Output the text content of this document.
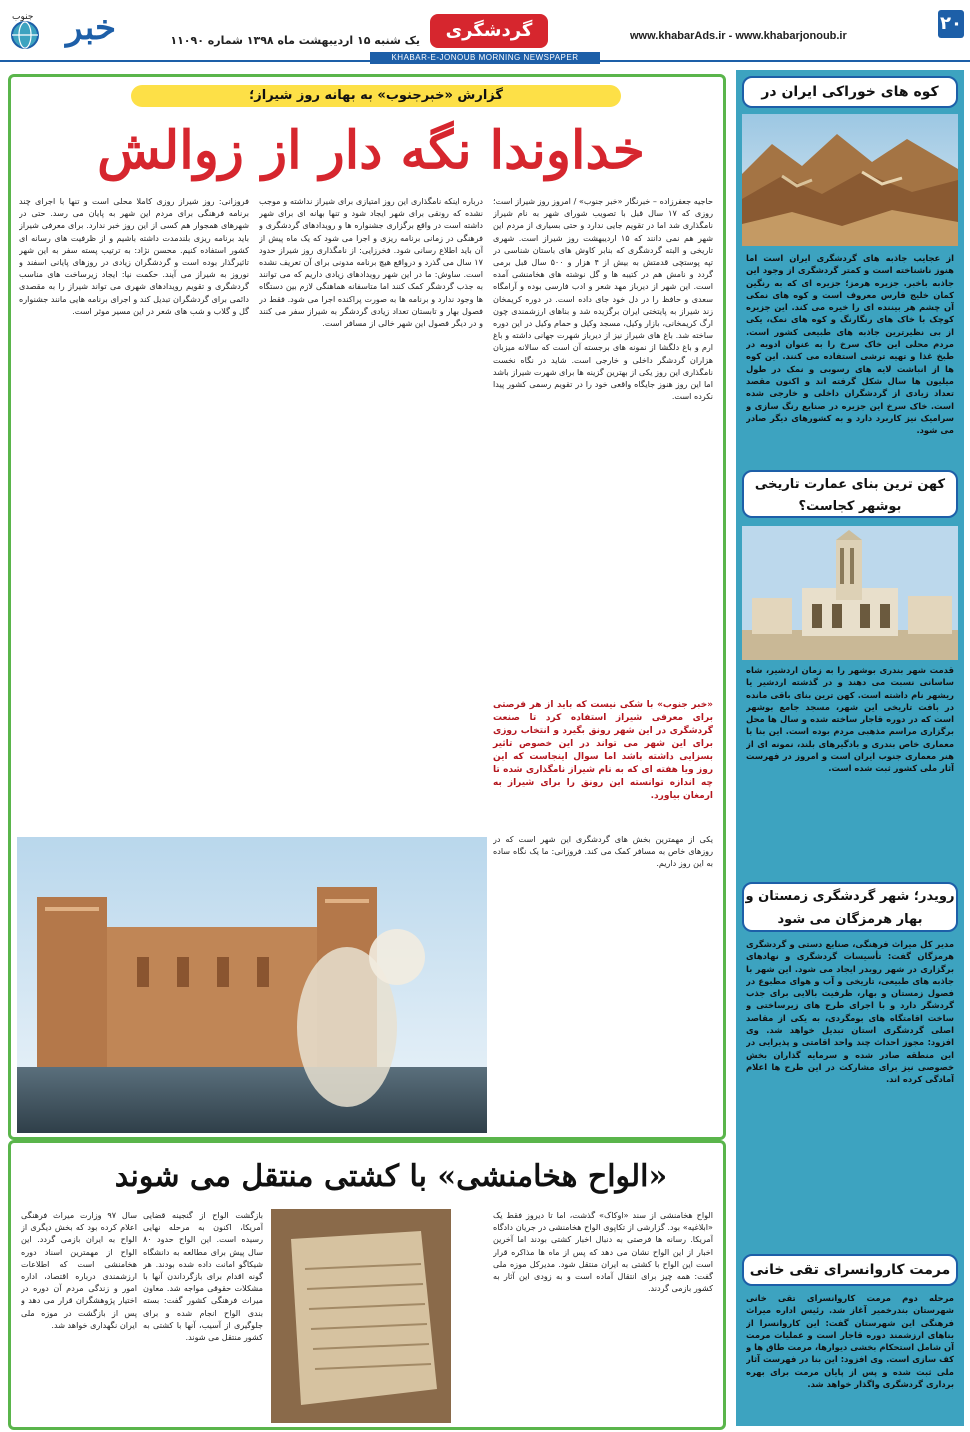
۲۰
www.khabarAds.ir - www.khabarjonoub.ir
گردشگری
یک شنبه ۱۵ اردیبهشت ماه ۱۳۹۸ شماره ۱۱۰۹۰
خبر
جنوب
KHABAR-E-JONOUB MORNING NEWSPAPER
کوه های خوراکی ایران در
از عجایب جاذبه های گردشگری ایران است اما هنوز ناشناخته است و کمتر گردشگری از وجود این جاذبه باخبر. جزیره هرمز؛ جزیره ای که به رنگین کمان خلیج فارس معروف است و کوه های نمکی آن چشم هر بیننده ای را خیره می کند. این جزیره کوچک با خاک های رنگارنگ و کوه های نمک، یکی از بی نظیرترین جاذبه های طبیعی کشور است. مردم محلی این خاک سرخ را به عنوان ادویه در طبخ غذا و تهیه ترشی استفاده می کنند. این کوه ها از انباشت لایه های رسوبی و نمک در طول میلیون ها سال شکل گرفته اند و اکنون مقصد تعداد زیادی از گردشگران داخلی و خارجی شده است. خاک سرخ این جزیره در صنایع رنگ سازی و سرامیک نیز کاربرد دارد و به کشورهای دیگر صادر می شود.
کهن ترین بنای عمارت تاریخی بوشهر کجاست؟
قدمت شهر بندری بوشهر را به زمان اردشیر، شاه ساسانی نسبت می دهند و در گذشته اردشیر یا ریشهر نام داشته است. کهن ترین بنای باقی مانده در بافت تاریخی این شهر، مسجد جامع بوشهر است که در دوره قاجار ساخته شده و سال ها محل برگزاری مراسم مذهبی مردم بوده است. این بنا با معماری خاص بندری و بادگیرهای بلند، نمونه ای از هنر معماری جنوب ایران است و امروز در فهرست آثار ملی کشور ثبت شده است.
رویدر؛ شهر گردشگری زمستان و بهار هرمزگان می شود
مدیر کل میراث فرهنگی، صنایع دستی و گردشگری هرمزگان گفت: تأسیسات گردشگری و نهادهای برگزاری در شهر رویدر ایجاد می شود. این شهر با جاذبه های طبیعی، تاریخی و آب و هوای مطبوع در فصول زمستان و بهار، ظرفیت بالایی برای جذب گردشگر دارد و با اجرای طرح های زیرساختی و ساخت اقامتگاه های بومگردی، به یکی از مقاصد اصلی گردشگری استان تبدیل خواهد شد. وی افزود: مجوز احداث چند واحد اقامتی و پذیرایی در این منطقه صادر شده و سرمایه گذاران بخش خصوصی نیز برای مشارکت در این طرح ها اعلام آمادگی کرده اند.
مرمت کاروانسرای تقی خانی
مرحله دوم مرمت کاروانسرای تقی خانی شهرستان بندرخمیر آغاز شد. رئیس اداره میراث فرهنگی این شهرستان گفت: این کاروانسرا از بناهای ارزشمند دوره قاجار است و عملیات مرمت آن شامل استحکام بخشی دیوارها، مرمت طاق ها و کف سازی است. وی افزود: این بنا در فهرست آثار ملی ثبت شده و پس از پایان مرمت برای بهره برداری گردشگری واگذار خواهد شد.
گزارش «خبرجنوب» به بهانه روز شیراز؛
خداوندا نگه دار از زوالش
حاجیه جعفرزاده – خبرنگار «خبر جنوب» / امروز روز شیراز است؛ روزی که ۱۷ سال قبل با تصویب شورای شهر به نام شیراز نامگذاری شد اما در تقویم جایی ندارد و حتی بسیاری از مردم این شهر هم نمی دانند که ۱۵ اردیبهشت روز شیراز است. شهری تاریخی و البته گردشگری که بنابر کاوش های باستان شناسی در تپه پوستچی قدمتش به بیش از ۴ هزار و ۵۰۰ سال قبل برمی گردد و نامش هم در کتیبه ها و گل نوشته های هخامنشی آمده است. این شهر از دیرباز مهد شعر و ادب فارسی بوده و آرامگاه سعدی و حافظ را در دل خود جای داده است. در دوره کریمخان زند شیراز به پایتختی ایران برگزیده شد و بناهای ارزشمندی چون ارگ کریمخانی، بازار وکیل، مسجد وکیل و حمام وکیل در این دوره ساخته شد. باغ های شیراز نیز از دیرباز شهرت جهانی داشته و باغ ارم و باغ دلگشا از نمونه های برجسته آن است که سالانه میزبان هزاران گردشگر داخلی و خارجی است. شاید در نگاه نخست نامگذاری این روز یکی از بهترین گزینه ها برای شهرت شیراز باشد اما این روز هنوز جایگاه واقعی خود را در تقویم رسمی کشور پیدا نکرده است.
«خبر جنوب» با شکی نیست که باید از هر فرصتی برای معرفی شیراز استفاده کرد تا صنعت گردشگری در این شهر رونق بگیرد و انتخاب روزی برای این شهر می تواند در این خصوص تاثیر بسزایی داشته باشد اما سوال اینجاست که این روز ویا هفته ای که به نام شیراز نامگذاری شده تا چه اندازه توانسته این رونق را برای شیراز به ارمغان بیاورد.
درباره اینکه نامگذاری این روز امتیازی برای شیراز نداشته و موجب نشده که رونقی برای شهر ایجاد شود و تنها بهانه ای برای شهر داشته است در واقع برگزاری جشنواره ها و رویدادهای گردشگری و فرهنگی در زمانی برنامه ریزی و اجرا می شود که یک ماه پیش از آن باید اطلاع رسانی شود. فخرزایی: از نامگذاری روز شیراز حدود ۱۷ سال می گذرد و درواقع هیچ برنامه مدونی برای آن تعریف نشده است. ساوش: ما در این شهر رویدادهای زیادی داریم که می توانند به جذب گردشگر کمک کنند اما متاسفانه هماهنگی لازم بین دستگاه ها وجود ندارد و برنامه ها به صورت پراکنده اجرا می شود. فقط در فصول بهار و تابستان تعداد زیادی گردشگر به شیراز سفر می کنند و در دیگر فصول این شهر خالی از مسافر است.
فروزانی: روز شیراز روزی کاملا محلی است و تنها با اجرای چند برنامه فرهنگی برای مردم این شهر به پایان می رسد. حتی در شهرهای همجوار هم کسی از این روز خبر ندارد. برای معرفی شیراز باید برنامه ریزی بلندمدت داشته باشیم و از ظرفیت های رسانه ای کشور استفاده کنیم. محسن نژاد: به ترتیب پسته سفر به این شهر تاثیرگذار بوده است و گردشگران زیادی در روزهای پایانی اسفند و نوروز به شیراز می آیند. حکمت نیا: ایجاد زیرساخت های مناسب گردشگری و تقویم رویدادهای شهری می تواند شیراز را به مقصدی دائمی برای گردشگران تبدیل کند و اجرای برنامه هایی مانند جشنواره گل و گلاب و شب های شعر در این مسیر موثر است.
یکی از مهمترین بخش های گردشگری این شهر است که در روزهای خاص به مسافر کمک می کند. فروزانی: ما یک نگاه ساده به این روز داریم.
«الواح هخامنشی» با کشتی منتقل می شوند
الواح هخامنشی از سند «اوکاک» گذشت، اما تا دیروز فقط یک «ابلاغیه» بود. گزارشی از تکاپوی الواح هخامنشی در جریان دادگاه آمریکا. رسانه ها فرصتی به دنبال اخبار کشتی بودند اما آخرین اخبار از این الواح نشان می دهد که پس از ماه ها مذاکره قرار است این الواح با کشتی به ایران منتقل شود. مدیرکل موزه ملی گفت: همه چیز برای انتقال آماده است و به زودی این آثار به کشور بازمی گردند.
بازگشت الواح از گنجینه قضایی آمریکا، اکنون به مرحله نهایی رسیده است. این الواح حدود ۸۰ سال پیش برای مطالعه به دانشگاه شیکاگو امانت داده شده بودند. هر گونه اقدام برای بازگرداندن آنها با مشکلات حقوقی مواجه شد. معاون میراث فرهنگی کشور گفت: بسته بندی الواح انجام شده و برای جلوگیری از آسیب، آنها با کشتی به کشور منتقل می شوند.
سال ۹۷ وزارت میراث فرهنگی اعلام کرده بود که بخش دیگری از الواح به ایران بازمی گردد. این الواح از مهمترین اسناد دوره هخامنشی است که اطلاعات ارزشمندی درباره اقتصاد، اداره امور و زندگی مردم آن دوره در اختیار پژوهشگران قرار می دهد و پس از بازگشت در موزه ملی ایران نگهداری خواهد شد.
